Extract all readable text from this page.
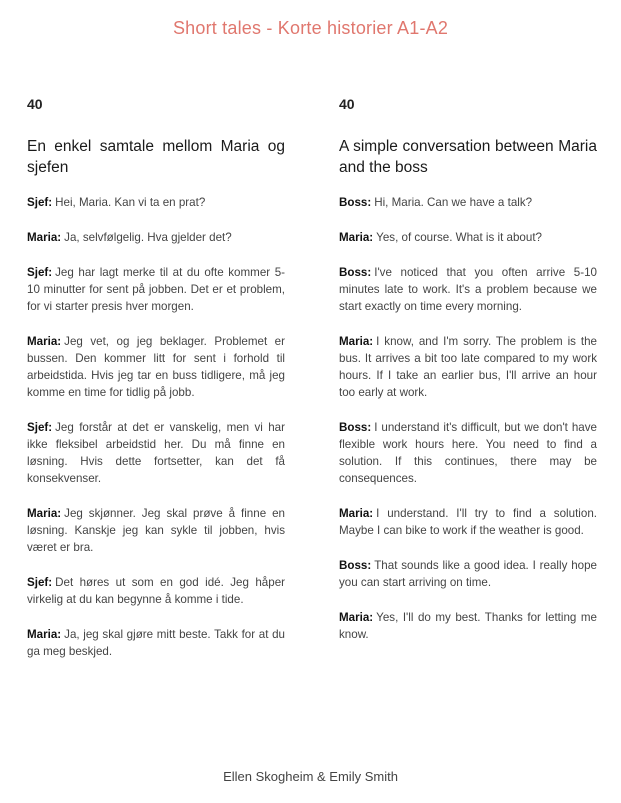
Short tales - Korte historier A1-A2
40
En enkel samtale mellom Maria og sjefen

Sjef: Hei, Maria. Kan vi ta en prat?

Maria: Ja, selvfølgelig. Hva gjelder det?

Sjef: Jeg har lagt merke til at du ofte kommer 5-10 minutter for sent på jobben. Det er et problem, for vi starter presis hver morgen.

Maria: Jeg vet, og jeg beklager. Problemet er bussen. Den kommer litt for sent i forhold til arbeidstida. Hvis jeg tar en buss tidligere, må jeg komme en time for tidlig på jobb.

Sjef: Jeg forstår at det er vanskelig, men vi har ikke fleksibel arbeidstid her. Du må finne en løsning. Hvis dette fortsetter, kan det få konsekvenser.

Maria: Jeg skjønner. Jeg skal prøve å finne en løsning. Kanskje jeg kan sykle til jobben, hvis været er bra.

Sjef: Det høres ut som en god idé. Jeg håper virkelig at du kan begynne å komme i tide.

Maria: Ja, jeg skal gjøre mitt beste. Takk for at du ga meg beskjed.

40
A simple conversation between Maria and the boss

Boss: Hi, Maria. Can we have a talk?

Maria: Yes, of course. What is it about?

Boss: I've noticed that you often arrive 5-10 minutes late to work. It's a problem because we start exactly on time every morning.

Maria: I know, and I'm sorry. The problem is the bus. It arrives a bit too late compared to my work hours. If I take an earlier bus, I'll arrive an hour too early at work.

Boss: I understand it's difficult, but we don't have flexible work hours here. You need to find a solution. If this continues, there may be consequences.

Maria: I understand. I'll try to find a solution. Maybe I can bike to work if the weather is good.

Boss: That sounds like a good idea. I really hope you can start arriving on time.

Maria: Yes, I'll do my best. Thanks for letting me know.

Ellen Skogheim & Emily Smith
